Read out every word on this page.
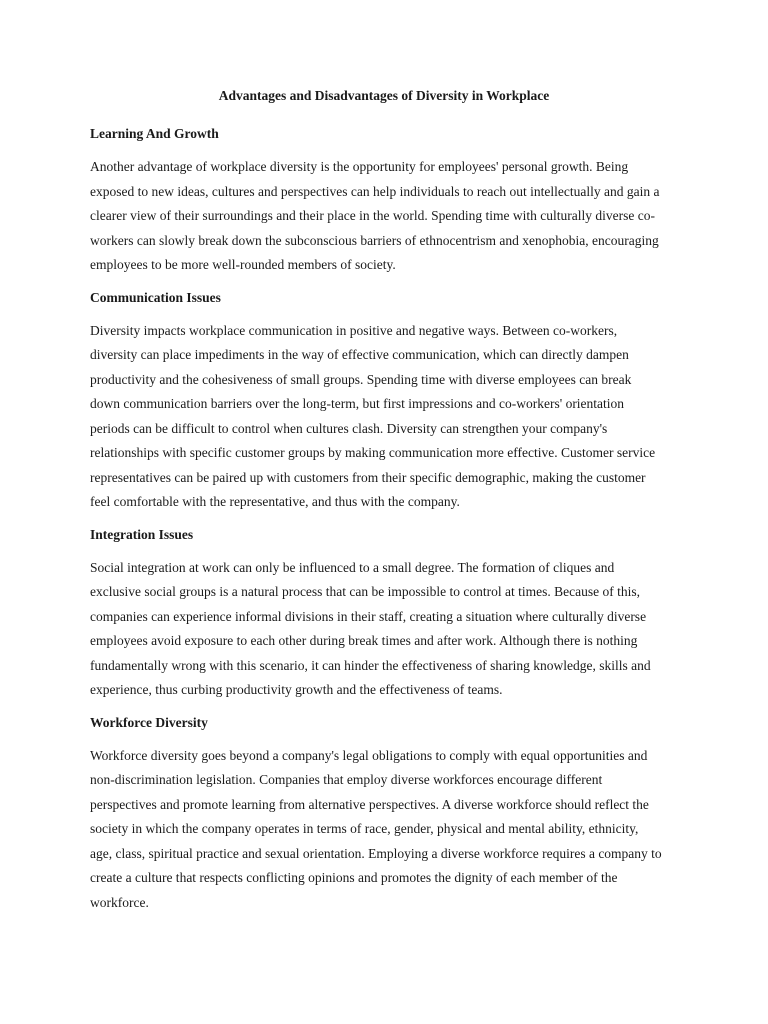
Advantages and Disadvantages of Diversity in Workplace
Learning And Growth

Another advantage of workplace diversity is the opportunity for employees' personal growth. Being
exposed to new ideas, cultures and perspectives can help individuals to reach out intellectually and gain a
clearer view of their surroundings and their place in the world. Spending time with culturally diverse co-
workers can slowly break down the subconscious barriers of ethnocentrism and xenophobia, encouraging
employees to be more well-rounded members of society.

Communication Issues

Diversity impacts workplace communication in positive and negative ways. Between co-workers,
diversity can place impediments in the way of effective communication, which can directly dampen
productivity and the cohesiveness of small groups. Spending time with diverse employees can break
down communication barriers over the long-term, but first impressions and co-workers' orientation
periods can be difficult to control when cultures clash. Diversity can strengthen your company's
relationships with specific customer groups by making communication more effective. Customer service
representatives can be paired up with customers from their specific demographic, making the customer
feel comfortable with the representative, and thus with the company.

Integration Issues

Social integration at work can only be influenced to a small degree. The formation of cliques and
exclusive social groups is a natural process that can be impossible to control at times. Because of this,
companies can experience informal divisions in their staff, creating a situation where culturally diverse
employees avoid exposure to each other during break times and after work. Although there is nothing
fundamentally wrong with this scenario, it can hinder the effectiveness of sharing knowledge, skills and
experience, thus curbing productivity growth and the effectiveness of teams.

Workforce Diversity

Workforce diversity goes beyond a company's legal obligations to comply with equal opportunities and
non-discrimination legislation. Companies that employ diverse workforces encourage different
perspectives and promote learning from alternative perspectives. A diverse workforce should reflect the
society in which the company operates in terms of race, gender, physical and mental ability, ethnicity,
age, class, spiritual practice and sexual orientation. Employing a diverse workforce requires a company to
create a culture that respects conflicting opinions and promotes the dignity of each member of the
workforce.
